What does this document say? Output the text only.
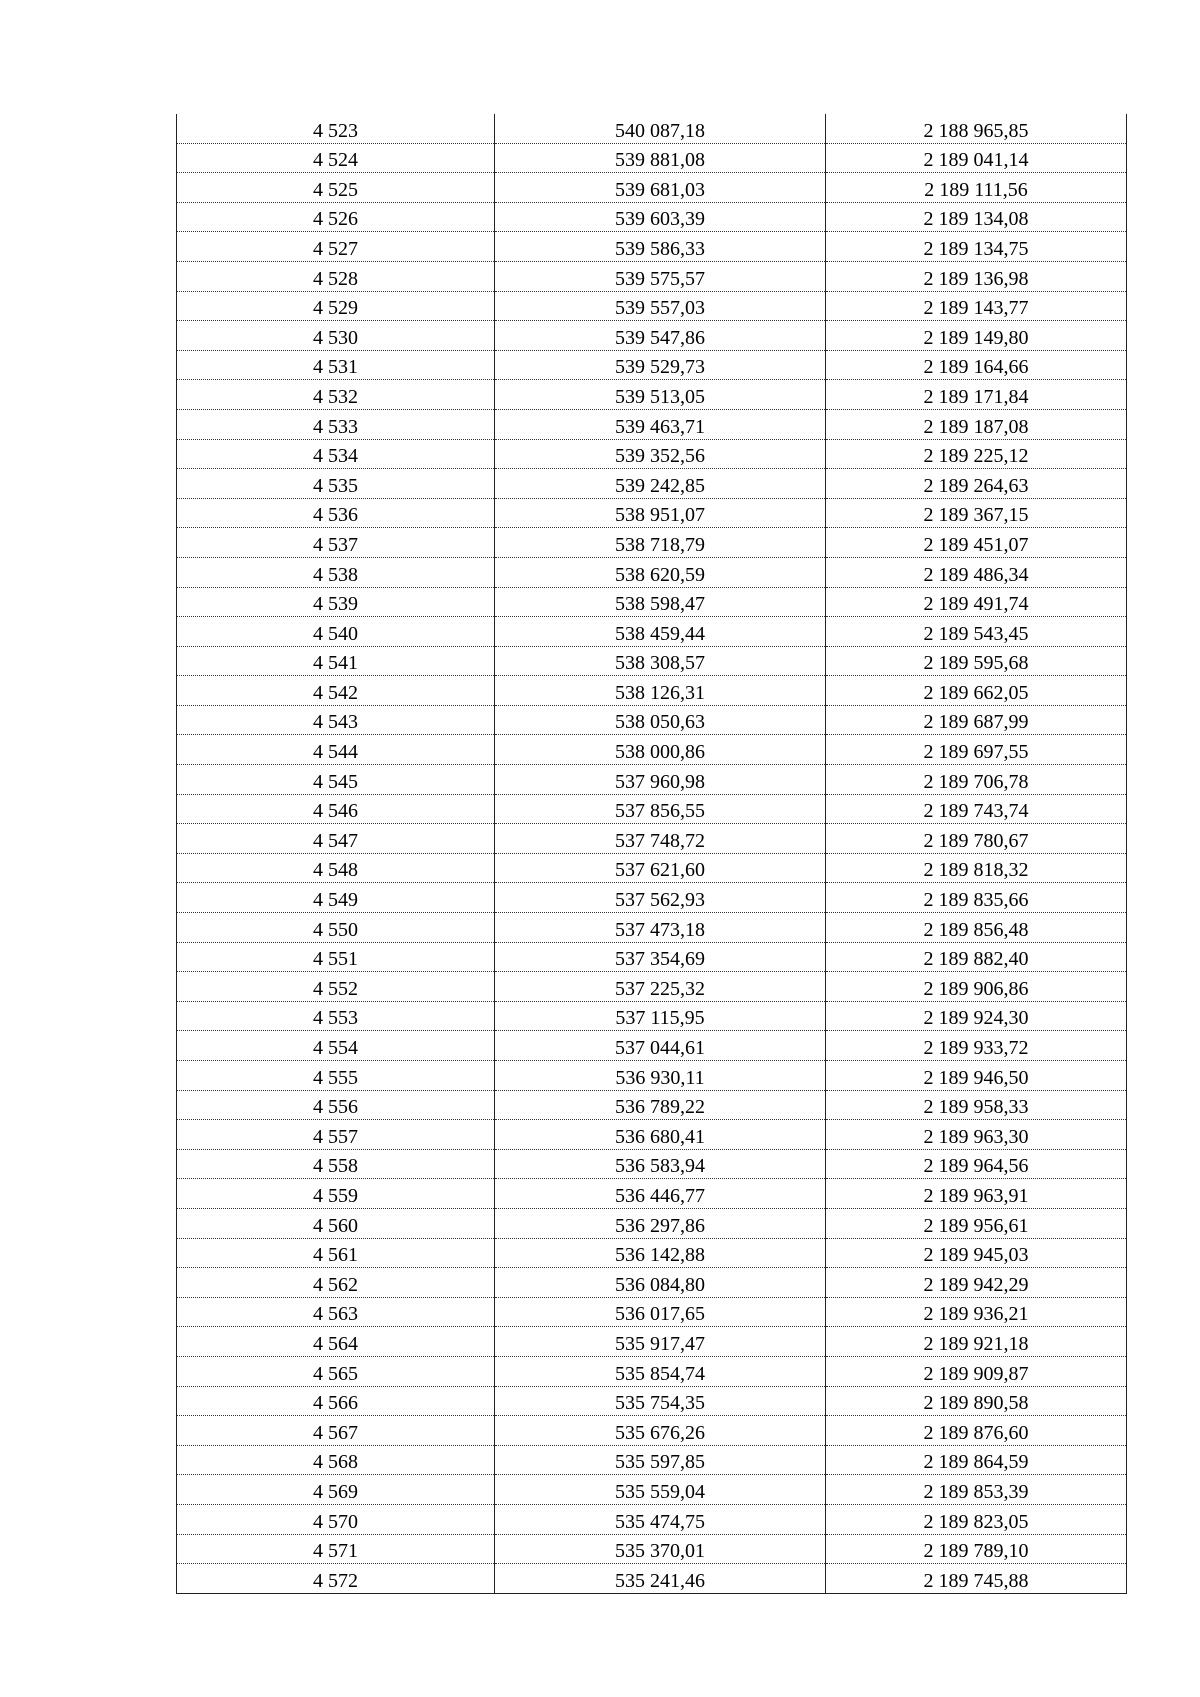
4 523	540 087,18	2 188 965,85
4 524	539 881,08	2 189 041,14
4 525	539 681,03	2 189 111,56
4 526	539 603,39	2 189 134,08
4 527	539 586,33	2 189 134,75
4 528	539 575,57	2 189 136,98
4 529	539 557,03	2 189 143,77
4 530	539 547,86	2 189 149,80
4 531	539 529,73	2 189 164,66
4 532	539 513,05	2 189 171,84
4 533	539 463,71	2 189 187,08
4 534	539 352,56	2 189 225,12
4 535	539 242,85	2 189 264,63
4 536	538 951,07	2 189 367,15
4 537	538 718,79	2 189 451,07
4 538	538 620,59	2 189 486,34
4 539	538 598,47	2 189 491,74
4 540	538 459,44	2 189 543,45
4 541	538 308,57	2 189 595,68
4 542	538 126,31	2 189 662,05
4 543	538 050,63	2 189 687,99
4 544	538 000,86	2 189 697,55
4 545	537 960,98	2 189 706,78
4 546	537 856,55	2 189 743,74
4 547	537 748,72	2 189 780,67
4 548	537 621,60	2 189 818,32
4 549	537 562,93	2 189 835,66
4 550	537 473,18	2 189 856,48
4 551	537 354,69	2 189 882,40
4 552	537 225,32	2 189 906,86
4 553	537 115,95	2 189 924,30
4 554	537 044,61	2 189 933,72
4 555	536 930,11	2 189 946,50
4 556	536 789,22	2 189 958,33
4 557	536 680,41	2 189 963,30
4 558	536 583,94	2 189 964,56
4 559	536 446,77	2 189 963,91
4 560	536 297,86	2 189 956,61
4 561	536 142,88	2 189 945,03
4 562	536 084,80	2 189 942,29
4 563	536 017,65	2 189 936,21
4 564	535 917,47	2 189 921,18
4 565	535 854,74	2 189 909,87
4 566	535 754,35	2 189 890,58
4 567	535 676,26	2 189 876,60
4 568	535 597,85	2 189 864,59
4 569	535 559,04	2 189 853,39
4 570	535 474,75	2 189 823,05
4 571	535 370,01	2 189 789,10
4 572	535 241,46	2 189 745,88
